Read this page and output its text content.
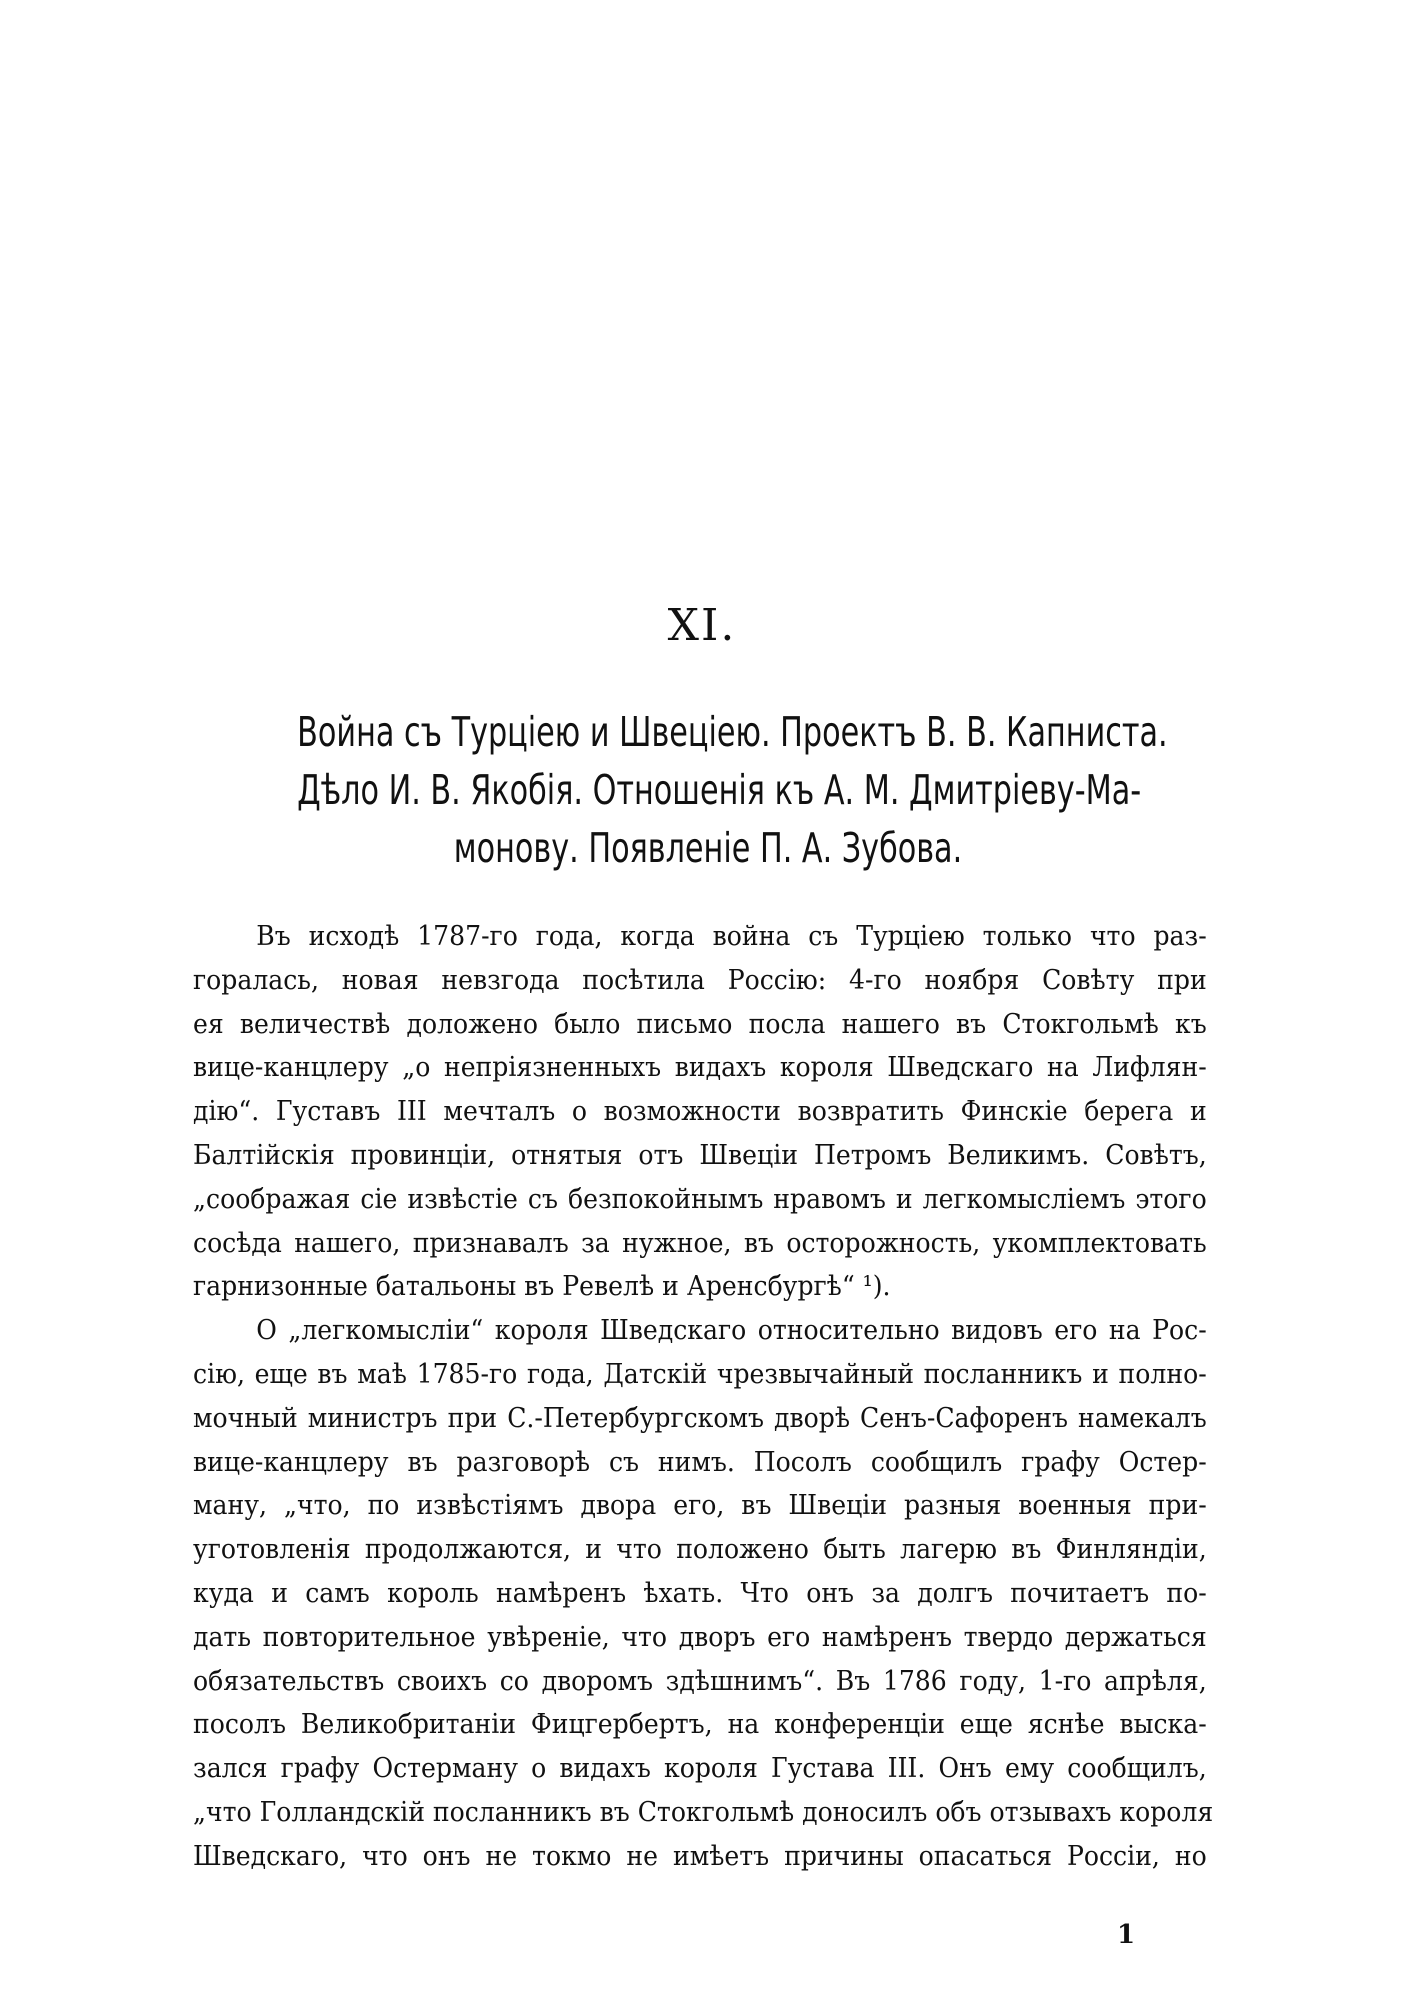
XI.
Война съ Турціею и Швеціею. Проектъ В. В. Капниста.
Дѣло И. В. Якобія. Отношенія къ А. М. Дмитріеву-Ма-
монову. Появленіе П. А. Зубова.
Въ исходѣ 1787-го года, когда война съ Турціею только что раз-
горалась, новая невзгода посѣтила Россію: 4-го ноября Совѣту при
ея величествѣ доложено было письмо посла нашего въ Стокгольмѣ къ
вице-канцлеру „о непріязненныхъ видахъ короля Шведскаго на Лифлян-
дію“. Густавъ III мечталъ о возможности возвратить Финскіе берега и
Балтійскія провинціи, отнятыя отъ Швеціи Петромъ Великимъ. Совѣтъ,
„соображая сіе извѣстіе съ безпокойнымъ нравомъ и легкомысліемъ этого
сосѣда нашего, признавалъ за нужное, въ осторожность, укомплектовать
гарнизонные батальоны въ Ревелѣ и Аренсбургѣ“ ¹).
О „легкомысліи“ короля Шведскаго относительно видовъ его на Рос-
сію, еще въ маѣ 1785-го года, Датскій чрезвычайный посланникъ и полно-
мочный министръ при С.-Петербургскомъ дворѣ Сенъ-Сафоренъ намекалъ
вице-канцлеру въ разговорѣ съ нимъ. Посолъ сообщилъ графу Остер-
ману, „что, по извѣстіямъ двора его, въ Швеціи разныя военныя при-
уготовленія продолжаются, и что положено быть лагерю въ Финляндіи,
куда и самъ король намѣренъ ѣхать. Что онъ за долгъ почитаетъ по-
дать повторительное увѣреніе, что дворъ его намѣренъ твердо держаться
обязательствъ своихъ со дворомъ здѣшнимъ“. Въ 1786 году, 1-го апрѣля,
посолъ Великобританіи Фицгербертъ, на конференціи еще яснѣе выска-
зался графу Остерману о видахъ короля Густава III. Онъ ему сообщилъ,
„что Голландскій посланникъ въ Стокгольмѣ доносилъ объ отзывахъ короля
Шведскаго, что онъ не токмо не имѣетъ причины опасаться Россіи, но
1
